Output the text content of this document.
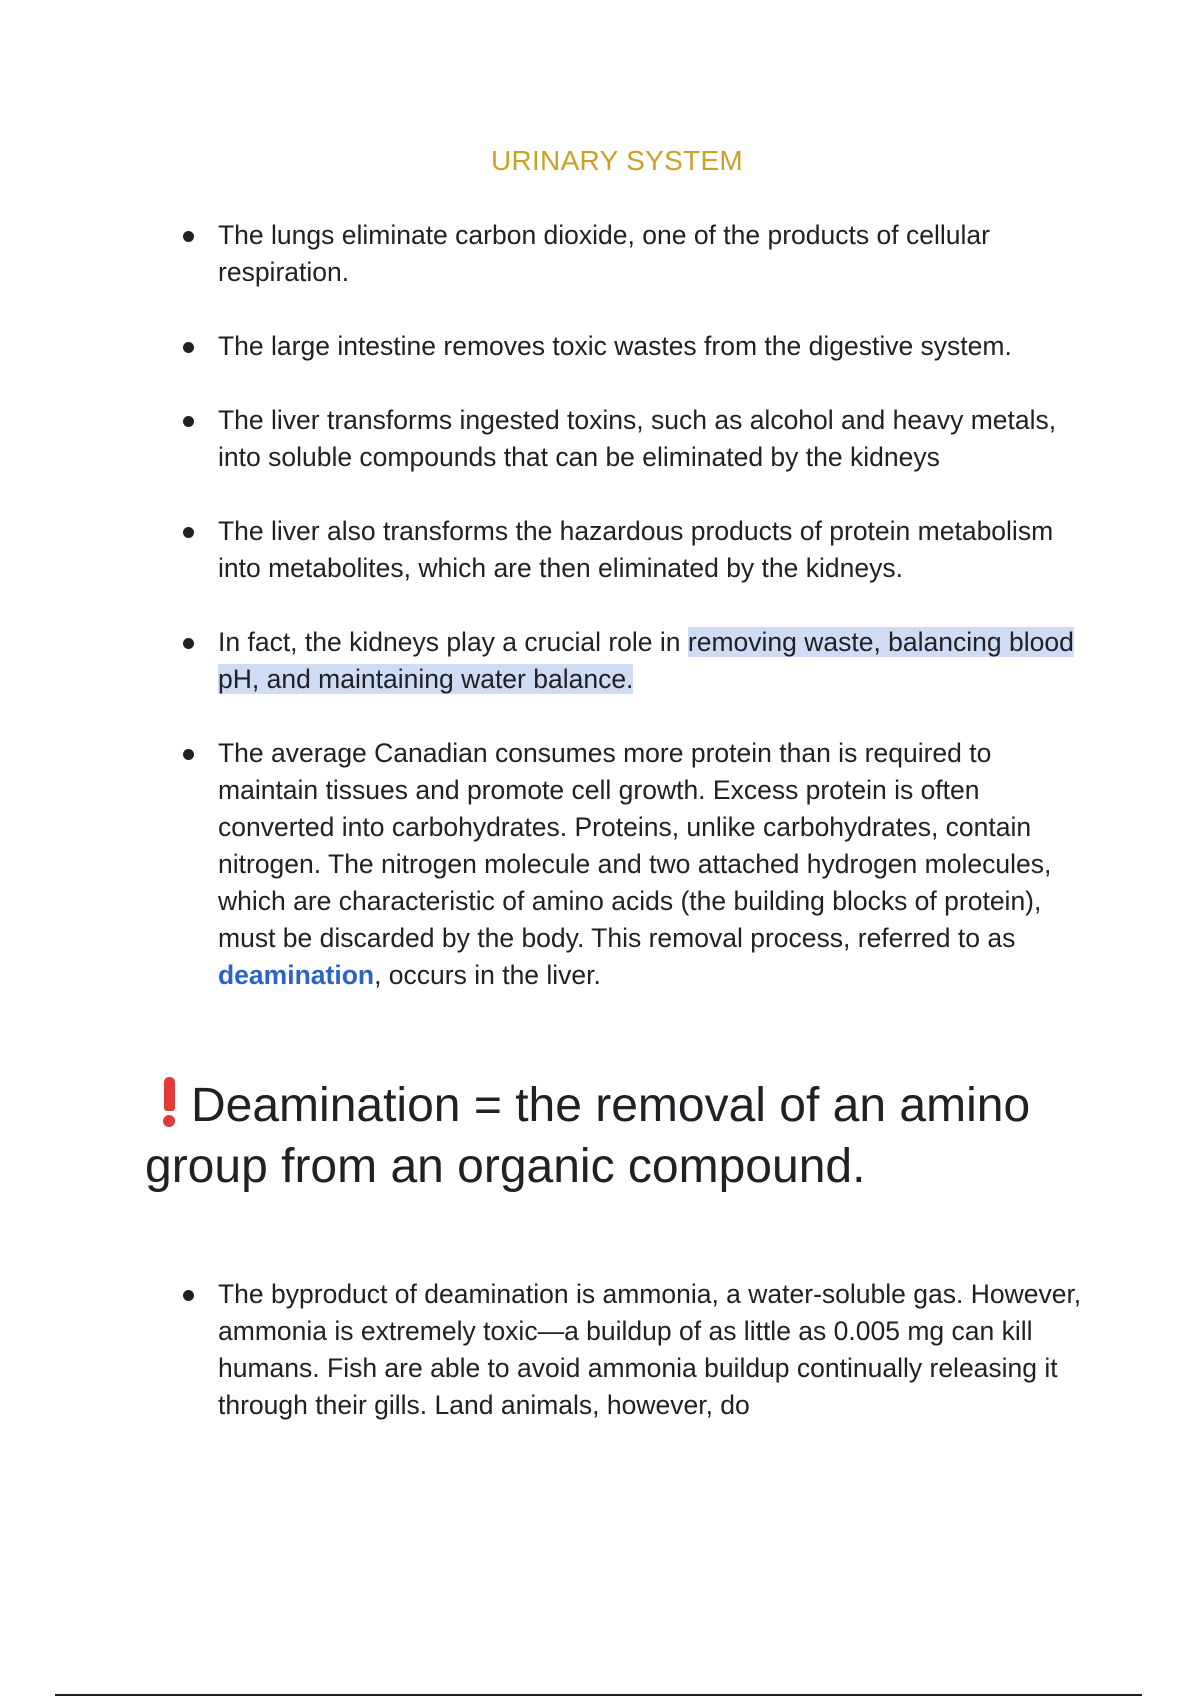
URINARY SYSTEM
The lungs eliminate carbon dioxide, one of the products of cellular respiration.
The large intestine removes toxic wastes from the digestive system.
The liver transforms ingested toxins, such as alcohol and heavy metals, into soluble compounds that can be eliminated by the kidneys
The liver also transforms the hazardous products of protein metabolism into metabolites, which are then eliminated by the kidneys.
In fact, the kidneys play a crucial role in removing waste, balancing blood pH, and maintaining water balance.
The average Canadian consumes more protein than is required to maintain tissues and promote cell growth. Excess protein is often converted into carbohydrates. Proteins, unlike carbohydrates, contain nitrogen. The nitrogen molecule and two attached hydrogen molecules, which are characteristic of amino acids (the building blocks of protein), must be discarded by the body. This removal process, referred to as deamination, occurs in the liver.
Deamination = the removal of an amino group from an organic compound.
The byproduct of deamination is ammonia, a water-soluble gas. However, ammonia is extremely toxic—a buildup of as little as 0.005 mg can kill humans. Fish are able to avoid ammonia buildup continually releasing it through their gills. Land animals, however, do
